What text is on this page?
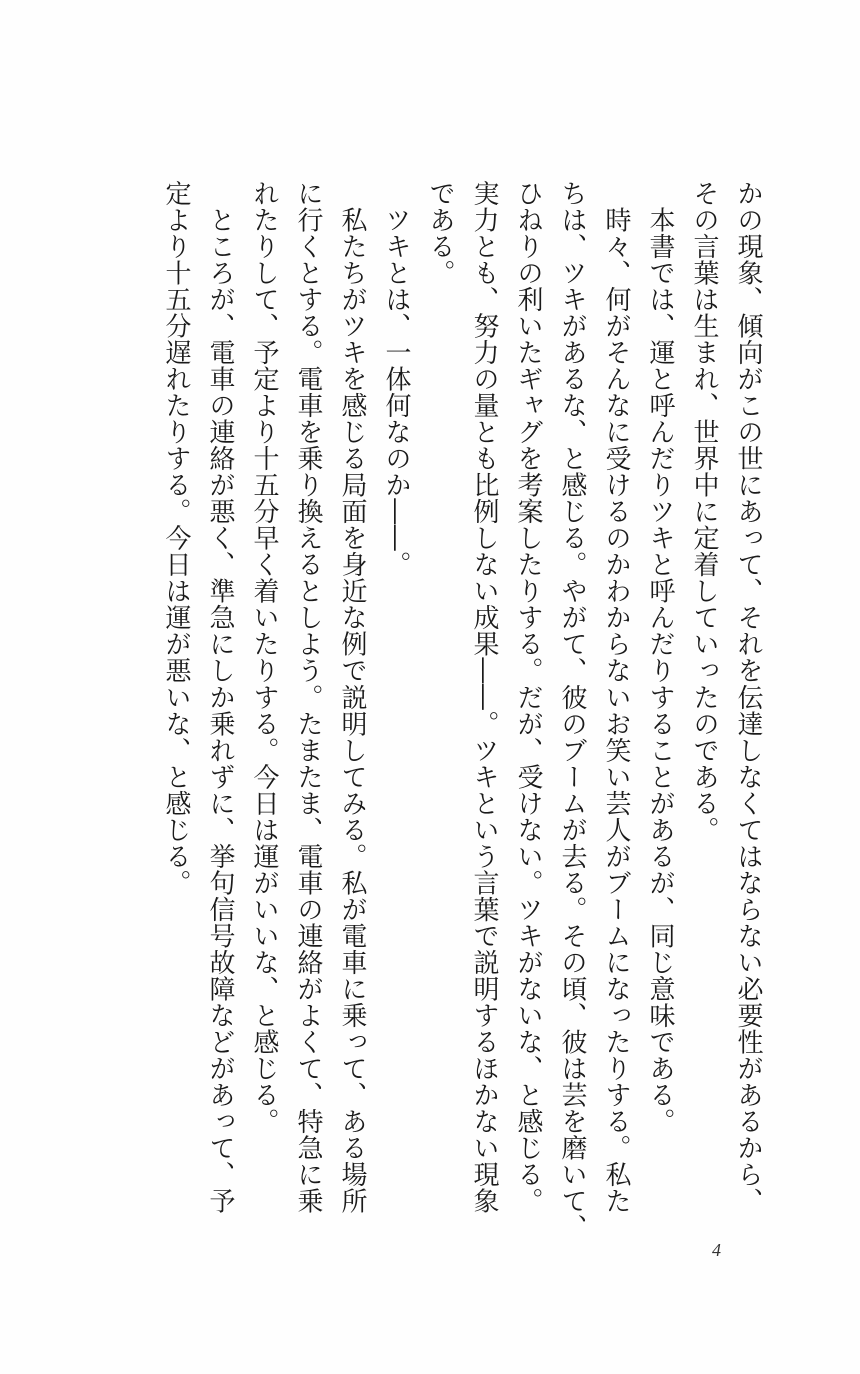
かの現象、傾向がこの世にあって、それを伝達しなくてはならない必要性があるから、
その言葉は生まれ、世界中に定着していったのである。
　本書では、運と呼んだりツキと呼んだりすることがあるが、同じ意味である。
　時々、何がそんなに受けるのかわからないお笑い芸人がブームになったりする。私た
ちは、ツキがあるな、と感じる。やがて、彼のブームが去る。その頃、彼は芸を磨いて、
ひねりの利いたギャグを考案したりする。だが、受けない。ツキがないな、と感じる。
実力とも、努力の量とも比例しない成果――。ツキという言葉で説明するほかない現象
である。
　ツキとは、一体何なのか――。
　私たちがツキを感じる局面を身近な例で説明してみる。私が電車に乗って、ある場所
に行くとする。電車を乗り換えるとしよう。たまたま、電車の連絡がよくて、特急に乗
れたりして、予定より十五分早く着いたりする。今日は運がいいな、と感じる。
　ところが、電車の連絡が悪く、準急にしか乗れずに、挙句信号故障などがあって、予
定より十五分遅れたりする。今日は運が悪いな、と感じる。
4
